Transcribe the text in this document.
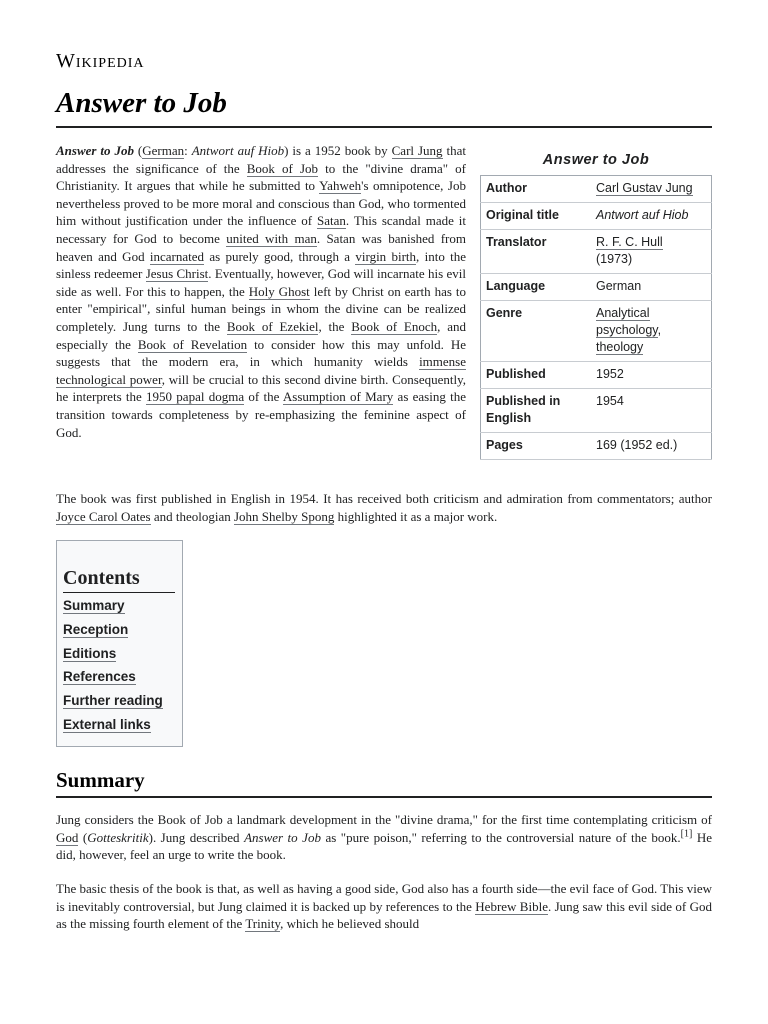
Wikipedia
Answer to Job

Answer to Job (German: Antwort auf Hiob) is a 1952 book by Carl Jung that addresses the significance of the Book of Job to the "divine drama" of Christianity. It argues that while he submitted to Yahweh's omnipotence, Job nevertheless proved to be more moral and conscious than God, who tormented him without justification under the influence of Satan. This scandal made it necessary for God to become united with man. Satan was banished from heaven and God incarnated as purely good, through a virgin birth, into the sinless redeemer Jesus Christ. Eventually, however, God will incarnate his evil side as well. For this to happen, the Holy Ghost left by Christ on earth has to enter "empirical", sinful human beings in whom the divine can be realized completely. Jung turns to the Book of Ezekiel, the Book of Enoch, and especially the Book of Revelation to consider how this may unfold. He suggests that the modern era, in which humanity wields immense technological power, will be crucial to this second divine birth. Consequently, he interprets the 1950 papal dogma of the Assumption of Mary as easing the transition towards completeness by re-emphasizing the feminine aspect of God.

Answer to Job
Author	Carl Gustav Jung
Original title	Antwort auf Hiob
Translator	R. F. C. Hull
(1973)
Language	German
Genre	Analytical psychology,
theology
Published	1952
Published in English	1954
Pages	169 (1952 ed.)

The book was first published in English in 1954. It has received both criticism and admiration from commentators; author Joyce Carol Oates and theologian John Shelby Spong highlighted it as a major work.

Contents
Summary
Reception
Editions
References
Further reading
External links
Summary

Jung considers the Book of Job a landmark development in the "divine drama," for the first time contemplating criticism of God (Gotteskritik). Jung described Answer to Job as "pure poison," referring to the controversial nature of the book.[1] He did, however, feel an urge to write the book.

The basic thesis of the book is that, as well as having a good side, God also has a fourth side—the evil face of God. This view is inevitably controversial, but Jung claimed it is backed up by references to the Hebrew Bible. Jung saw this evil side of God as the missing fourth element of the Trinity, which he believed should
